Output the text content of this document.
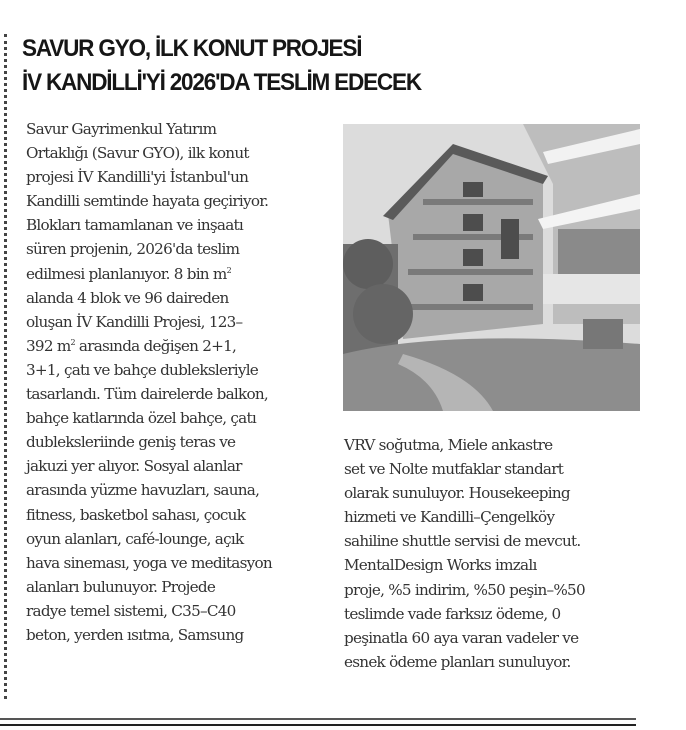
SAVUR GYO, İLK KONUT PROJESİ
İV KANDİLLİ'Yİ 2026'DA TESLİM EDECEK
Savur Gayrimenkul Yatırım
Ortaklığı (Savur GYO), ilk konut
projesi İV Kandilli'yi İstanbul'un
Kandilli semtinde hayata geçiriyor.
Blokları tamamlanan ve inşaatı
süren projenin, 2026'da teslim
edilmesi planlanıyor. 8 bin $m^2$
alanda 4 blok ve 96 daireden
oluşan İV Kandilli Projesi, 123–
392 $m^2$ arasında değişen 2+1,
3+1, çatı ve bahçe dubleksleriyle
tasarlandı. Tüm dairelerde balkon,
bahçe katlarında özel bahçe, çatı
dubleksleriinde geniş teras ve
jakuzi yer alıyor. Sosyal alanlar
arasında yüzme havuzları, sauna,
fitness, basketbol sahası, çocuk
oyun alanları, café-lounge, açık
hava sineması, yoga ve meditasyon
alanları bulunuyor. Projede
radye temel sistemi, C35–C40
beton, yerden ısıtma, Samsung
VRV soğutma, Miele ankastre
set ve Nolte mutfaklar standart
olarak sunuluyor. Housekeeping
hizmeti ve Kandilli–Çengelköy
sahiline shuttle servisi de mevcut.
MentalDesign Works imzalı
proje, %5 indirim, %50 peşin–%50
teslimde vade farksız ödeme, 0
peşinatla 60 aya varan vadeler ve
esnek ödeme planları sunuluyor.
